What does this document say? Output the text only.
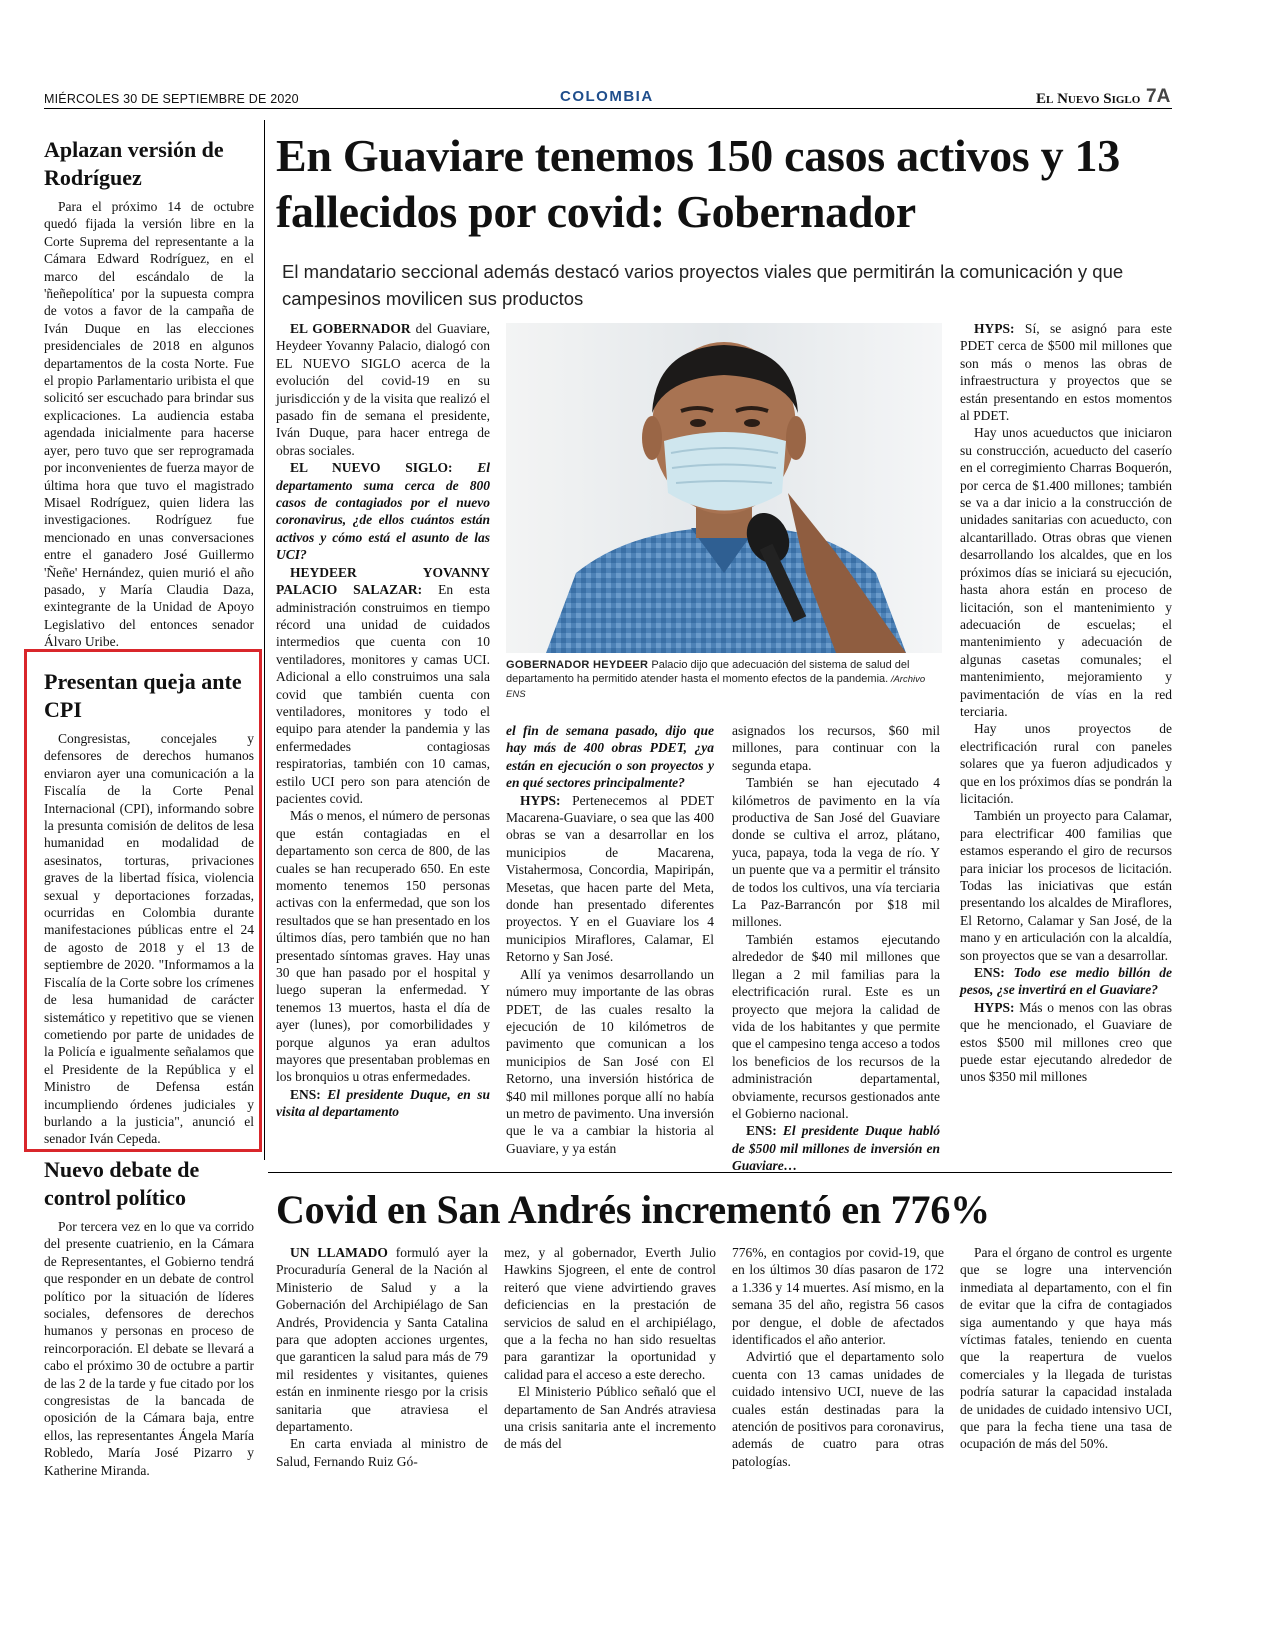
MIÉRCOLES 30 DE SEPTIEMBRE DE 2020	COLOMBIA	El Nuevo Siglo 7A
Aplazan versión de Rodríguez

Para el próximo 14 de octubre quedó fijada la versión libre en la Corte Suprema del representante a la Cámara Edward Rodríguez, en el marco del escándalo de la 'ñeñepolítica' por la supuesta compra de votos a favor de la campaña de Iván Duque en las elecciones presidenciales de 2018 en algunos departamentos de la costa Norte. Fue el propio Parlamentario uribista el que solicitó ser escuchado para brindar sus explicaciones. La audiencia estaba agendada inicialmente para hacerse ayer, pero tuvo que ser reprogramada por inconvenientes de fuerza mayor de última hora que tuvo el magistrado Misael Rodríguez, quien lidera las investigaciones. Rodríguez fue mencionado en unas conversaciones entre el ganadero José Guillermo 'Ñeñe' Hernández, quien murió el año pasado, y María Claudia Daza, exintegrante de la Unidad de Apoyo Legislativo del entonces senador Álvaro Uribe.

Presentan queja ante CPI

Congresistas, concejales y defensores de derechos humanos enviaron ayer una comunicación a la Fiscalía de la Corte Penal Internacional (CPI), informando sobre la presunta comisión de delitos de lesa humanidad en modalidad de asesinatos, torturas, privaciones graves de la libertad física, violencia sexual y deportaciones forzadas, ocurridas en Colombia durante manifestaciones públicas entre el 24 de agosto de 2018 y el 13 de septiembre de 2020. "Informamos a la Fiscalía de la Corte sobre los crímenes de lesa humanidad de carácter sistemático y repetitivo que se vienen cometiendo por parte de unidades de la Policía e igualmente señalamos que el Presidente de la República y el Ministro de Defensa están incumpliendo órdenes judiciales y burlando a la justicia", anunció el senador Iván Cepeda.

Nuevo debate de control político

Por tercera vez en lo que va corrido del presente cuatrienio, en la Cámara de Representantes, el Gobierno tendrá que responder en un debate de control político por la situación de líderes sociales, defensores de derechos humanos y personas en proceso de reincorporación. El debate se llevará a cabo el próximo 30 de octubre a partir de las 2 de la tarde y fue citado por los congresistas de la bancada de oposición de la Cámara baja, entre ellos, las representantes Ángela María Robledo, María José Pizarro y Katherine Miranda.

En Guaviare tenemos 150 casos activos y 13 fallecidos por covid: Gobernador

El mandatario seccional además destacó varios proyectos viales que permitirán la comunicación y que campesinos movilicen sus productos

EL GOBERNADOR del Guaviare, Heydeer Yovanny Palacio, dialogó con EL NUEVO SIGLO acerca de la evolución del covid-19 en su jurisdicción y de la visita que realizó el pasado fin de semana el presidente, Iván Duque, para hacer entrega de obras sociales.

EL NUEVO SIGLO: El departamento suma cerca de 800 casos de contagiados por el nuevo coronavirus, ¿de ellos cuántos están activos y cómo está el asunto de las UCI?

HEYDEER YOVANNY PALACIO SALAZAR: En esta administración construimos en tiempo récord una unidad de cuidados intermedios que cuenta con 10 ventiladores, monitores y camas UCI. Adicional a ello construimos una sala covid que también cuenta con ventiladores, monitores y todo el equipo para atender la pandemia y las enfermedades contagiosas respiratorias, también con 10 camas, estilo UCI pero son para atención de pacientes covid.

Más o menos, el número de personas que están contagiadas en el departamento son cerca de 800, de las cuales se han recuperado 650. En este momento tenemos 150 personas activas con la enfermedad, que son los resultados que se han presentado en los últimos días, pero también que no han presentado síntomas graves. Hay unas 30 que han pasado por el hospital y luego superan la enfermedad. Y tenemos 13 muertos, hasta el día de ayer (lunes), por comorbilidades y porque algunos ya eran adultos mayores que presentaban problemas en los bronquios u otras enfermedades.

ENS: El presidente Duque, en su visita al departamento

el fin de semana pasado, dijo que hay más de 400 obras PDET, ¿ya están en ejecución o son proyectos y en qué sectores principalmente?

HYPS: Pertenecemos al PDET Macarena-Guaviare, o sea que las 400 obras se van a desarrollar en los municipios de Macarena, Vistahermosa, Concordia, Mapiripán, Mesetas, que hacen parte del Meta, donde han presentado diferentes proyectos. Y en el Guaviare los 4 municipios Miraflores, Calamar, El Retorno y San José.

Allí ya venimos desarrollando un número muy importante de las obras PDET, de las cuales resalto la ejecución de 10 kilómetros de pavimento que comunican a los municipios de San José con El Retorno, una inversión histórica de $40 mil millones porque allí no había un metro de pavimento. Una inversión que le va a cambiar la historia al Guaviare, y ya están

asignados los recursos, $60 mil millones, para continuar con la segunda etapa.

También se han ejecutado 4 kilómetros de pavimento en la vía productiva de San José del Guaviare donde se cultiva el arroz, plátano, yuca, papaya, toda la vega de río. Y un puente que va a permitir el tránsito de todos los cultivos, una vía terciaria La Paz-Barrancón por $18 mil millones.

También estamos ejecutando alrededor de $40 mil millones que llegan a 2 mil familias para la electrificación rural. Este es un proyecto que mejora la calidad de vida de los habitantes y que permite que el campesino tenga acceso a todos los beneficios de los recursos de la administración departamental, obviamente, recursos gestionados ante el Gobierno nacional.

ENS: El presidente Duque habló de $500 mil millones de inversión en Guaviare…

HYPS: Sí, se asignó para este PDET cerca de $500 mil millones que son más o menos las obras de infraestructura y proyectos que se están presentando en estos momentos al PDET.

Hay unos acueductos que iniciaron su construcción, acueducto del caserío en el corregimiento Charras Boquerón, por cerca de $1.400 millones; también se va a dar inicio a la construcción de unidades sanitarias con acueducto, con alcantarillado. Otras obras que vienen desarrollando los alcaldes, que en los próximos días se iniciará su ejecución, hasta ahora están en proceso de licitación, son el mantenimiento y adecuación de escuelas; el mantenimiento y adecuación de algunas casetas comunales; el mantenimiento, mejoramiento y pavimentación de vías en la red terciaria.

Hay unos proyectos de electrificación rural con paneles solares que ya fueron adjudicados y que en los próximos días se pondrán la licitación.

También un proyecto para Calamar, para electrificar 400 familias que estamos esperando el giro de recursos para iniciar los procesos de licitación. Todas las iniciativas que están presentando los alcaldes de Miraflores, El Retorno, Calamar y San José, de la mano y en articulación con la alcaldía, son proyectos que se van a desarrollar.

ENS: Todo ese medio billón de pesos, ¿se invertirá en el Guaviare?

HYPS: Más o menos con las obras que he mencionado, el Guaviare de estos $500 mil millones creo que puede estar ejecutando alrededor de unos $350 mil millones

GOBERNADOR HEYDEER Palacio dijo que adecuación del sistema de salud del departamento ha permitido atender hasta el momento efectos de la pandemia. /Archivo ENS

Covid en San Andrés incrementó en 776%

UN LLAMADO formuló ayer la Procuraduría General de la Nación al Ministerio de Salud y a la Gobernación del Archipiélago de San Andrés, Providencia y Santa Catalina para que adopten acciones urgentes, que garanticen la salud para más de 79 mil residentes y visitantes, quienes están en inminente riesgo por la crisis sanitaria que atraviesa el departamento.

En carta enviada al ministro de Salud, Fernando Ruiz Gó-

mez, y al gobernador, Everth Julio Hawkins Sjogreen, el ente de control reiteró que viene advirtiendo graves deficiencias en la prestación de servicios de salud en el archipiélago, que a la fecha no han sido resueltas para garantizar la oportunidad y calidad para el acceso a este derecho.

El Ministerio Público señaló que el departamento de San Andrés atraviesa una crisis sanitaria ante el incremento de más del

776%, en contagios por covid-19, que en los últimos 30 días pasaron de 172 a 1.336 y 14 muertes. Así mismo, en la semana 35 del año, registra 56 casos por dengue, el doble de afectados identificados el año anterior.

Advirtió que el departamento solo cuenta con 13 camas unidades de cuidado intensivo UCI, nueve de las cuales están destinadas para la atención de positivos para coronavirus, además de cuatro para otras patologías.

Para el órgano de control es urgente que se logre una intervención inmediata al departamento, con el fin de evitar que la cifra de contagiados siga aumentando y que haya más víctimas fatales, teniendo en cuenta que la reapertura de vuelos comerciales y la llegada de turistas podría saturar la capacidad instalada de unidades de cuidado intensivo UCI, que para la fecha tiene una tasa de ocupación de más del 50%.
